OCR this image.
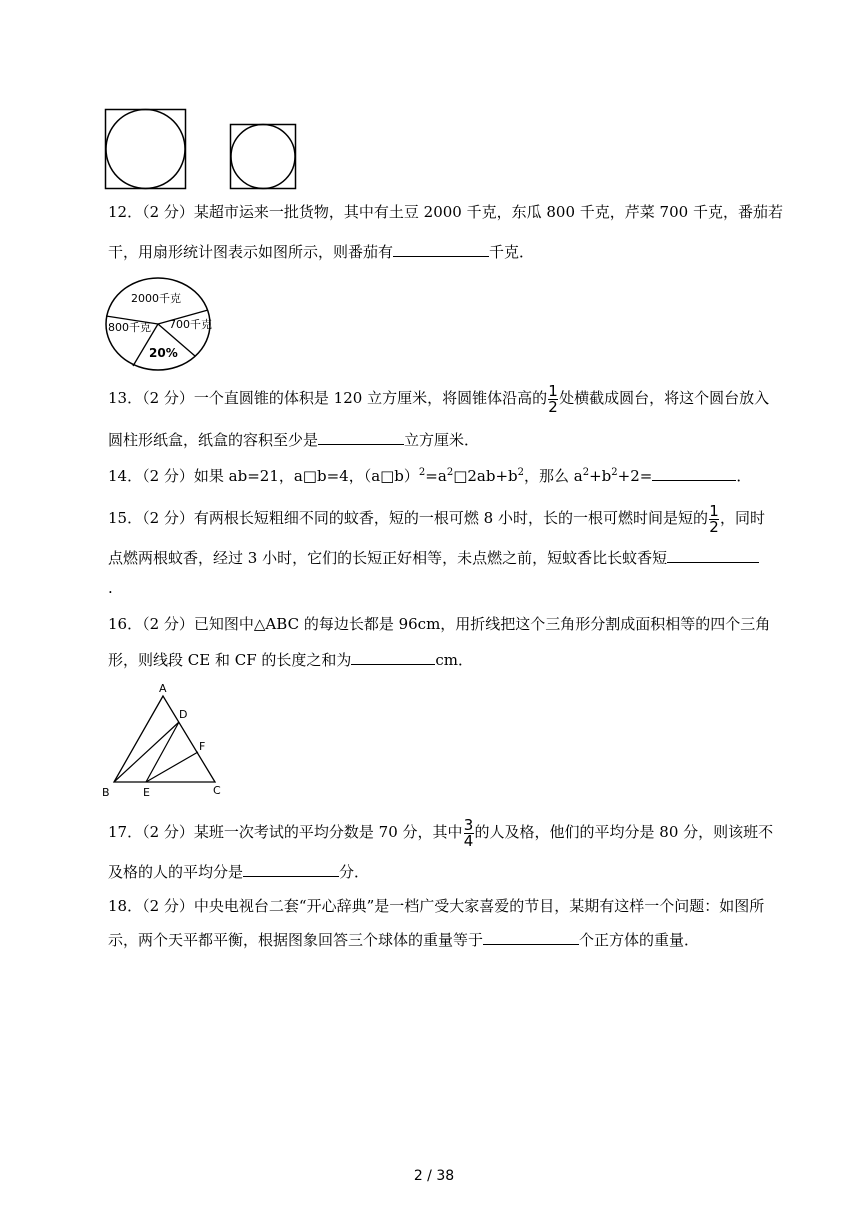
12．（2 分）某超市运来一批货物，其中有土豆 2000 千克，东瓜 800 千克，芹菜 700 千克，番茄若
干，用扇形统计图表示如图所示，则番茄有	千克．
2000千克
800千克 700千克
20%
13．（2 分）一个直圆锥的体积是 120 立方厘米，将圆锥体沿高的 $\frac{1}{2}$ 处横截成圆台，将这个圆台放入
圆柱形纸盒，纸盒的容积至少是	立方厘米．
14．（2 分）如果 ab=21，a□b=4，$(a□b)^2=a^2□2ab+b^2$，那么 $a^2+b^2+2=$	．
15．（2 分）有两根长短粗细不同的蚊香，短的一根可燃 8 小时，长的一根可燃时间是短的 $\frac{1}{2}$ ，同时
点燃两根蚊香，经过 3 小时，它们的长短正好相等，未点燃之前，短蚊香比长蚊香短
.
16．（2 分）已知图中△ABC 的每边长都是 96cm，用折线把这个三角形分割成面积相等的四个三角
形，则线段 CE 和 CF 的长度之和为	cm．
A
D
F
B	E	C
17．（2 分）某班一次考试的平均分数是 70 分，其中 $\frac{3}{4}$ 的人及格，他们的平均分是 80 分，则该班不
及格的人的平均分是	分．
18．（2 分）中央电视台二套“开心辞典”是一档广受大家喜爱的节目，某期有这样一个问题：如图所
示，两个天平都平衡，根据图象回答三个球体的重量等于	个正方体的重量．
2 / 38
